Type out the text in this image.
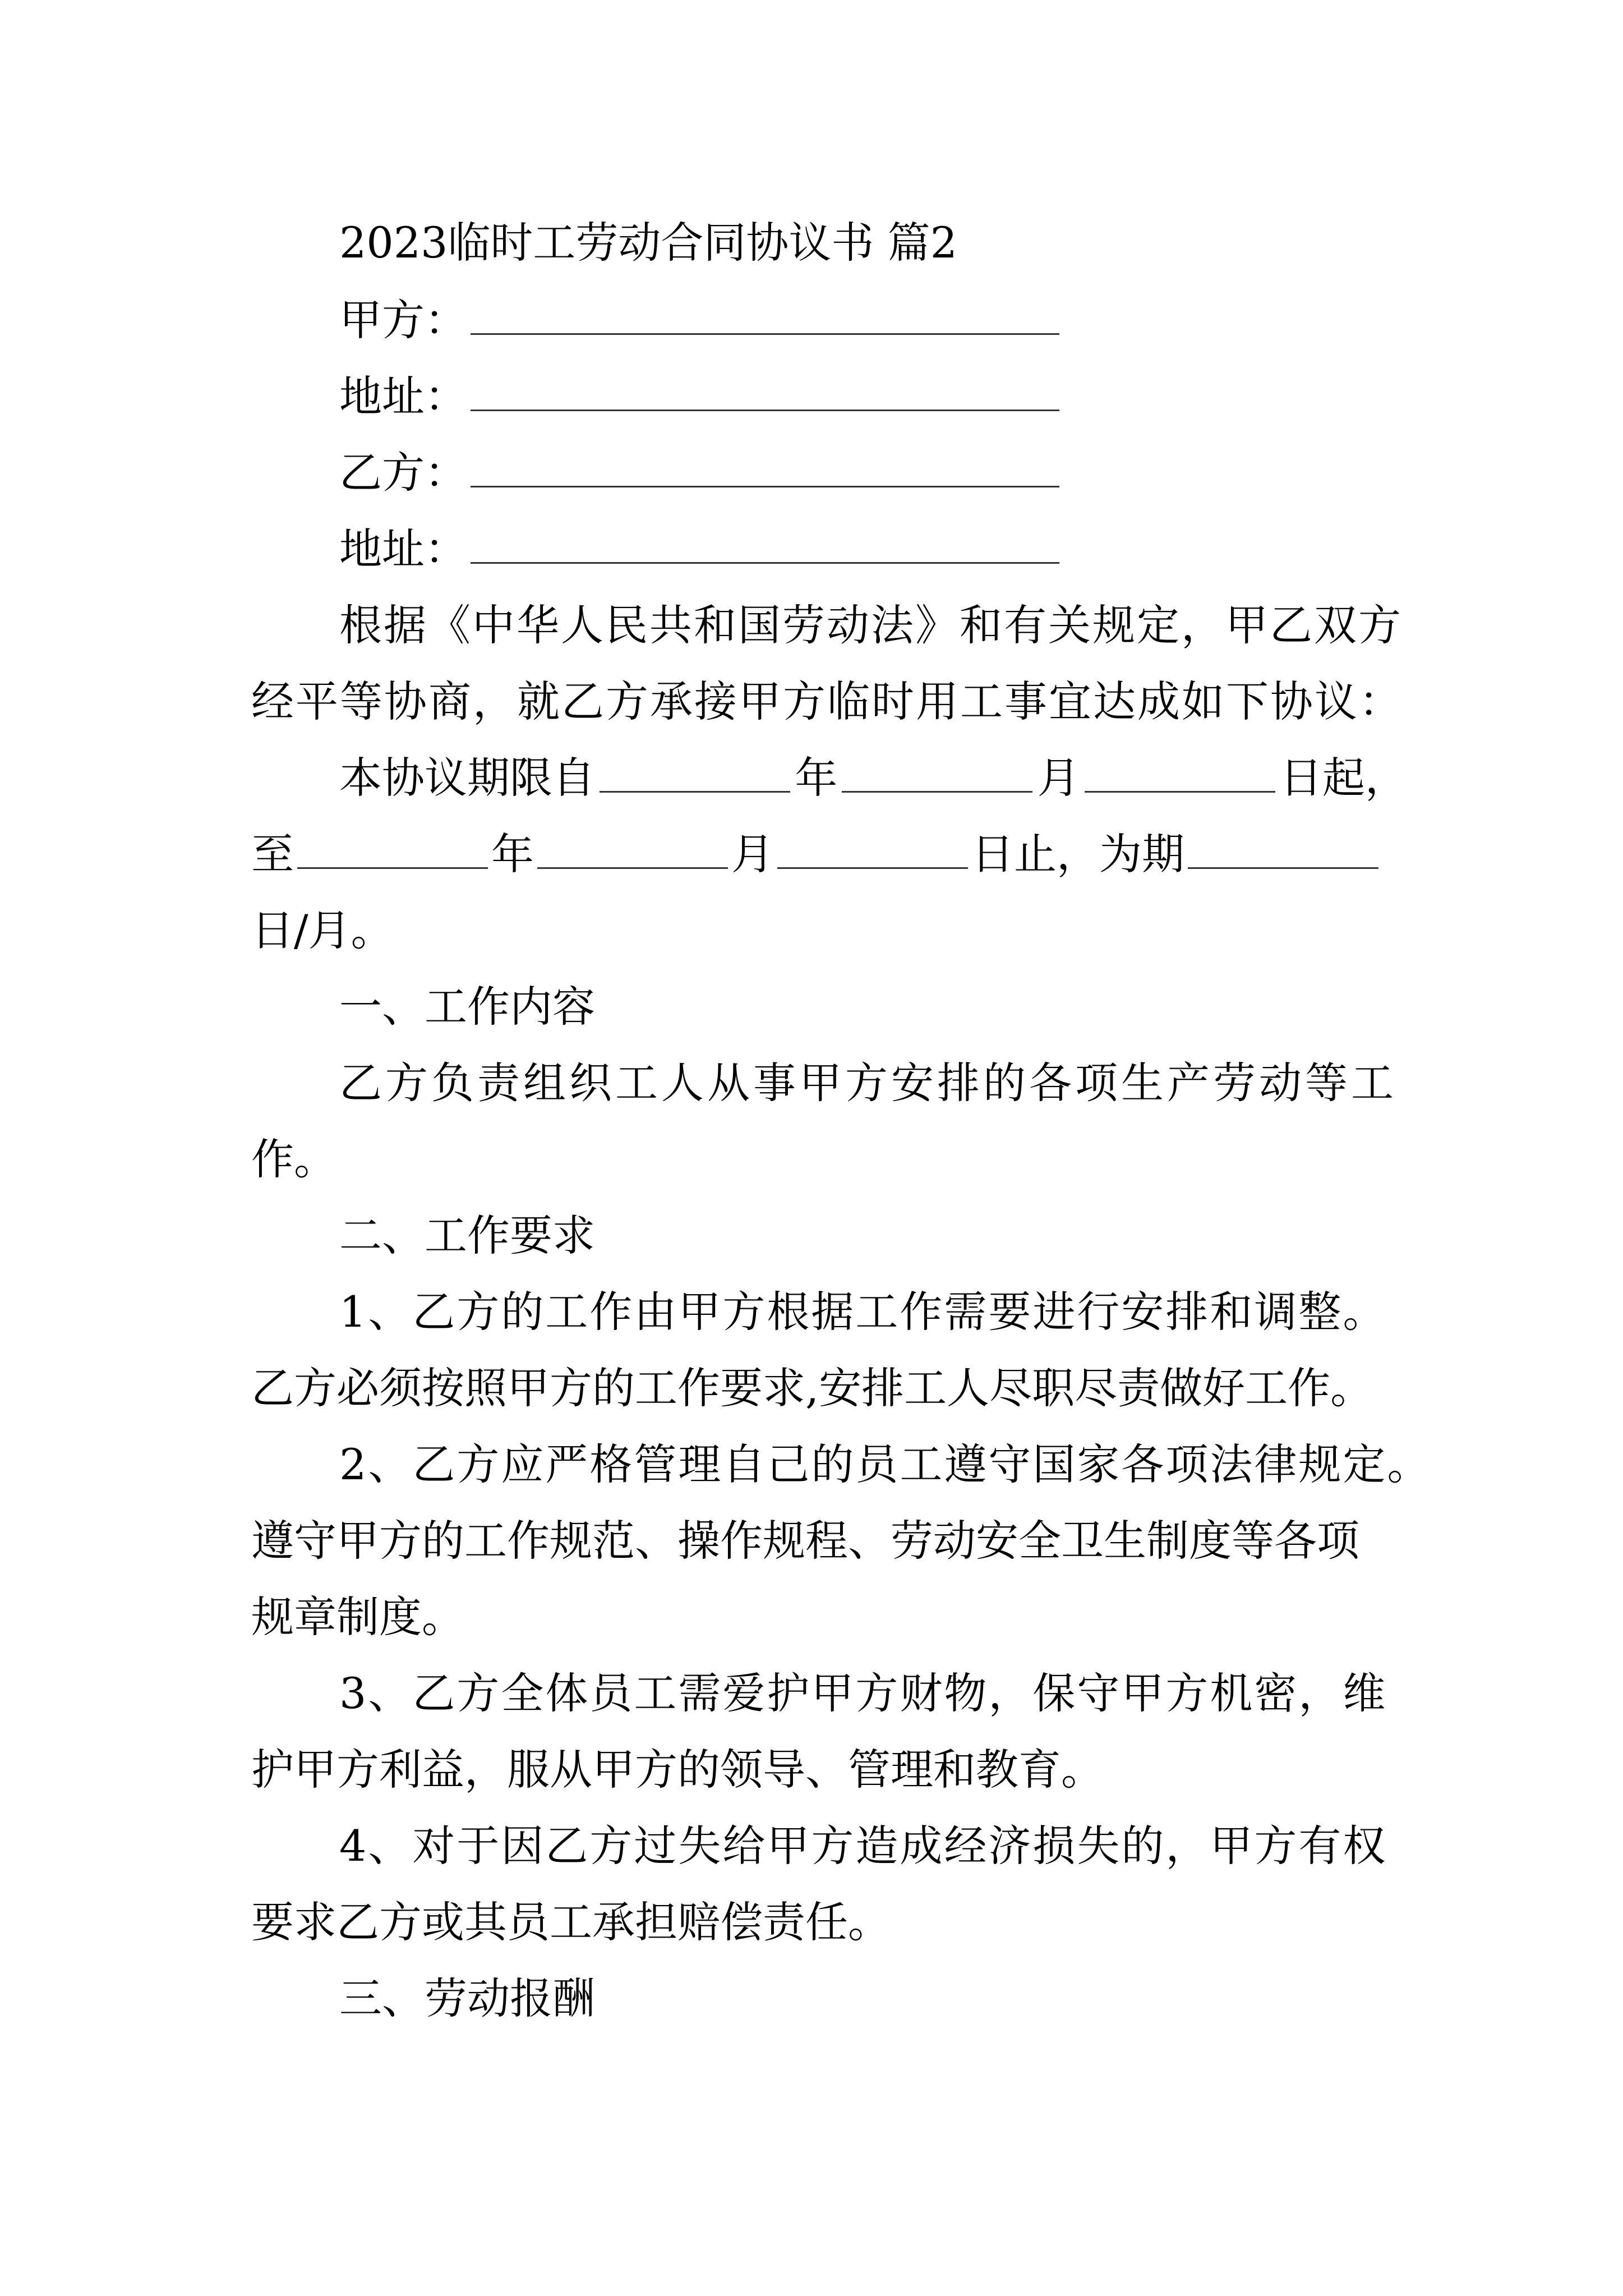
2023临时工劳动合同协议书 篇2
甲方：
地址：
乙方：
地址：
根据《中华人民共和国劳动法》和有关规定，甲乙双方
经平等协商，就乙方承接甲方临时用工事宜达成如下协议：
本协议期限自	年	月	日起，
至	年	月	日止，为期
日/月。
一、工作内容
乙方负责组织工人从事甲方安排的各项生产劳动等工
作。
二、工作要求
1、乙方的工作由甲方根据工作需要进行安排和调整。
乙方必须按照甲方的工作要求,安排工人尽职尽责做好工作。
2、乙方应严格管理自己的员工遵守国家各项法律规定。
遵守甲方的工作规范、操作规程、劳动安全卫生制度等各项
规章制度。
3、乙方全体员工需爱护甲方财物，保守甲方机密，维
护甲方利益，服从甲方的领导、管理和教育。
4、对于因乙方过失给甲方造成经济损失的，甲方有权
要求乙方或其员工承担赔偿责任。
三、劳动报酬
